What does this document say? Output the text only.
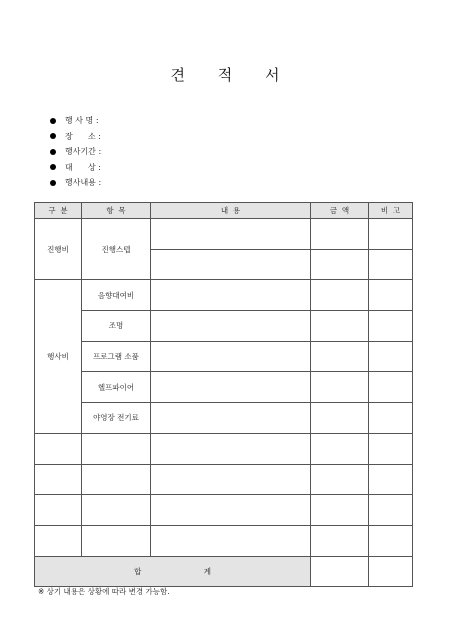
견 적 서
행 사 명 :
장      소 :
행사기간 :
대      상 :
행사내용 :
구  분	항  목	내  용	금  액	비  고
진행비	진행스텝			

행사비	음향대여비			
	조명			
	프로그램 소품			
	헬프파이어			
	야영장 전기료			

합 계				
※ 상기 내용은 상황에 따라 변경 가능함.
